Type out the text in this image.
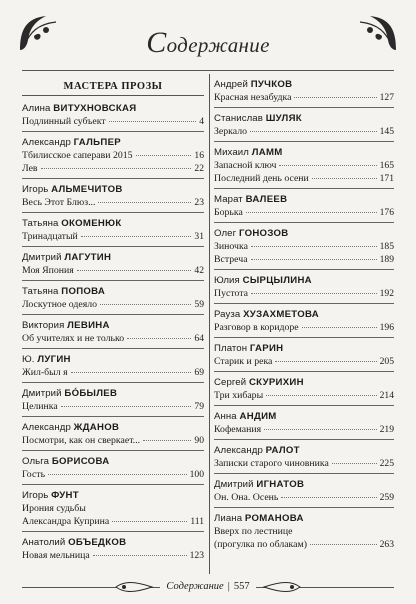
Содержание
МАСТЕРА ПРОЗЫ
Алина ВИТУХНОВСКАЯ
Подлинный субъект	4
Александр ГАЛЬПЕР
Тбилисское саперави 2015	16
Лев	22
Игорь АЛЬМЕЧИТОВ
Весь Этот Блюз...	23
Татьяна ОКОМЕНЮК
Тринадцатый	31
Дмитрий ЛАГУТИН
Моя Япония	42
Татьяна ПОПОВА
Лоскутное одеяло	59
Виктория ЛЕВИНА
Об учителях и не только	64
Ю. ЛУГИН
Жил-был я	69
Дмитрий БО́БЫЛЕВ
Целинка	79
Александр ЖДАНОВ
Посмотри, как он сверкает...	90
Ольга БОРИСОВА
Гость	100
Игорь ФУНТ
Ирония судьбы
Александра Куприна	111
Анатолий ОБЪЕДКОВ
Новая мельница	123
Андрей ПУЧКОВ
Красная незабудка	127
Станислав ШУЛЯК
Зеркало	145
Михаил ЛАММ
Запасной ключ	165
Последний день осени	171
Марат ВАЛЕЕВ
Борька	176
Олег ГОНОЗОВ
Зиночка	185
Встреча	189
Юлия СЫРЦЫЛИНА
Пустота	192
Рауза ХУЗАХМЕТОВА
Разговор в коридоре	196
Платон ГАРИН
Старик и река	205
Сергей СКУРИХИН
Три хибары	214
Анна АНДИМ
Кофемания	219
Александр РАЛОТ
Записки старого чиновника	225
Дмитрий ИГНАТОВ
Он. Она. Осень	259
Лиана РОМАНОВА
Вверх по лестнице
(прогулка по облакам)	263
Содержание | 557
